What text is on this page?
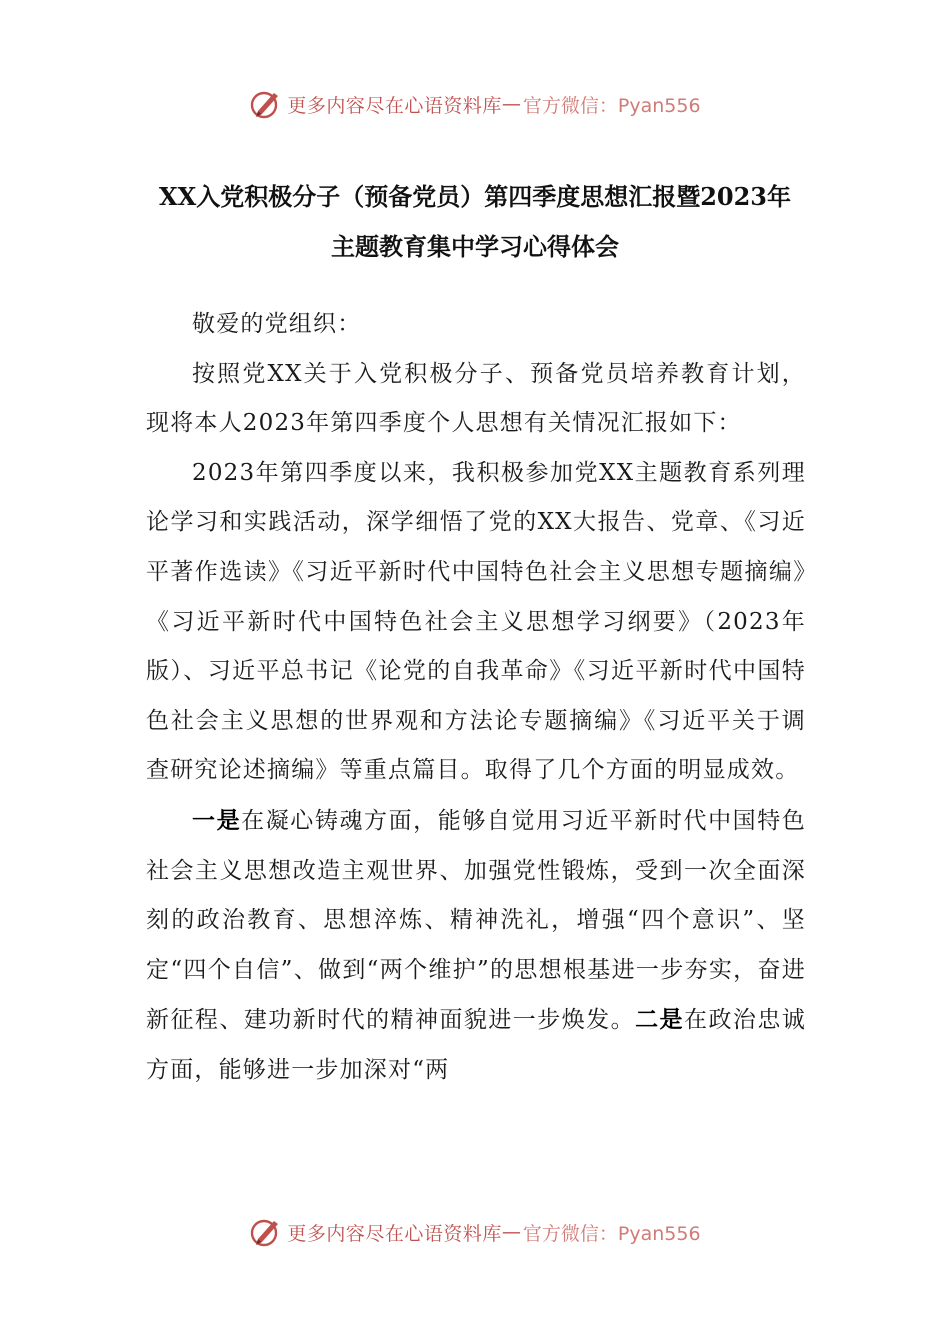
更多内容尽在心语资料库 — 官方微信：Pyan556
XX入党积极分子（预备党员）第四季度思想汇报暨2023年
主题教育集中学习心得体会

敬爱的党组织：

按照党XX关于入党积极分子、预备党员培养教育计划，现将本人2023年第四季度个人思想有关情况汇报如下：

2023年第四季度以来，我积极参加党XX主题教育系列理论学习和实践活动，深学细悟了党的XX大报告、党章、《习近平著作选读》《习近平新时代中国特色社会主义思想专题摘编》《习近平新时代中国特色社会主义思想学习纲要》（2023年版）、习近平总书记《论党的自我革命》《习近平新时代中国特色社会主义思想的世界观和方法论专题摘编》《习近平关于调查研究论述摘编》等重点篇目。取得了几个方面的明显成效。

一是在凝心铸魂方面，能够自觉用习近平新时代中国特色社会主义思想改造主观世界、加强党性锻炼，受到一次全面深刻的政治教育、思想淬炼、精神洗礼，增强“四个意识”、坚定“四个自信”、做到“两个维护”的思想根基进一步夯实，奋进新征程、建功新时代的精神面貌进一步焕发。二是在政治忠诚方面，能够进一步加深对“两

更多内容尽在心语资料库 — 官方微信：Pyan556
